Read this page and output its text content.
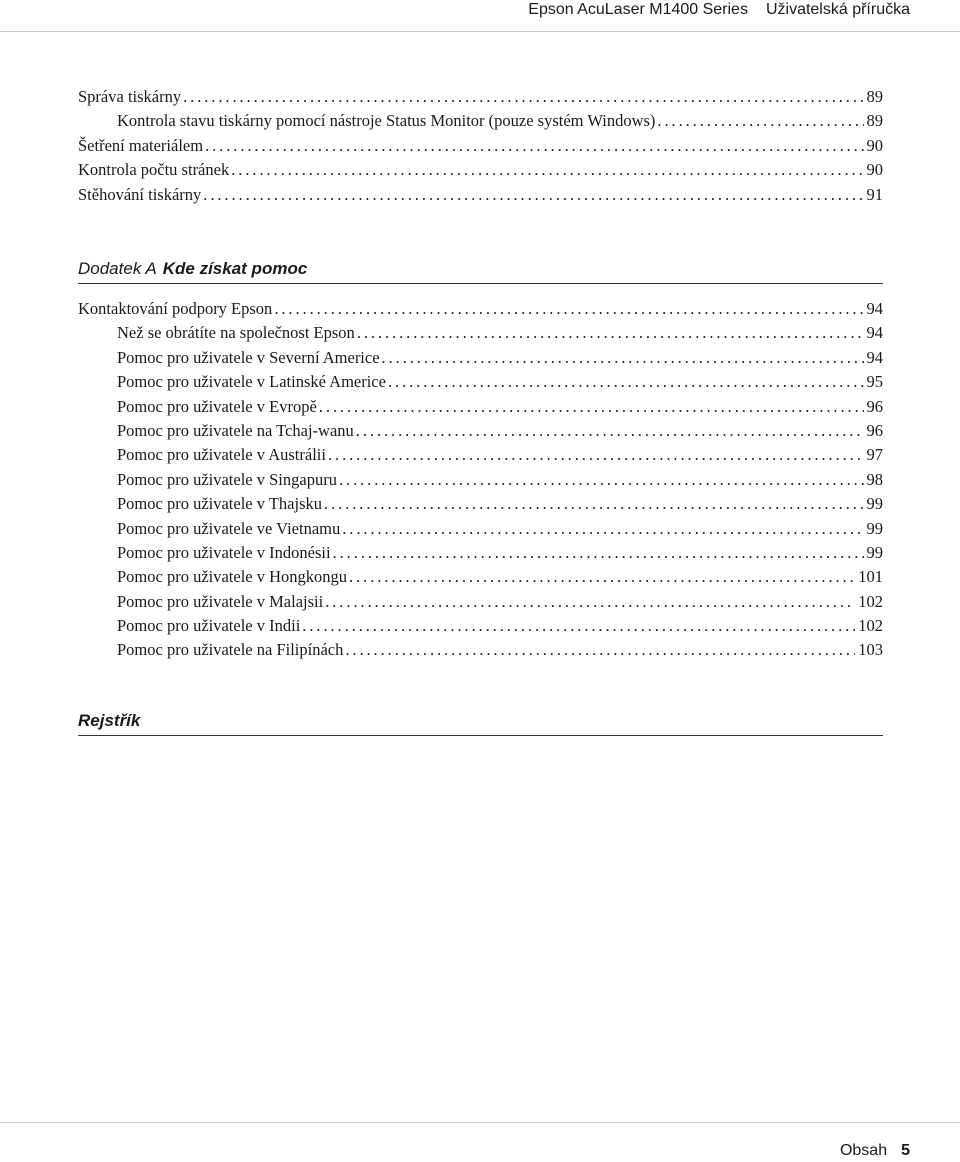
Epson AcuLaser M1400 Series Uživatelská příručka
Správa tiskárny . . .	89
Kontrola stavu tiskárny pomocí nástroje Status Monitor (pouze systém Windows) . . .	89
Šetření materiálem . . .	90
Kontrola počtu stránek . . .	90
Stěhování tiskárny . . .	91
Dodatek A Kde získat pomoc
Kontaktování podpory Epson . . .	94
Než se obrátíte na společnost Epson . . .	94
Pomoc pro uživatele v Severní Americe . . .	94
Pomoc pro uživatele v Latinské Americe . . .	95
Pomoc pro uživatele v Evropě . . .	96
Pomoc pro uživatele na Tchaj-wanu . . .	96
Pomoc pro uživatele v Austrálii . . .	97
Pomoc pro uživatele v Singapuru . . .	98
Pomoc pro uživatele v Thajsku . . .	99
Pomoc pro uživatele ve Vietnamu . . .	99
Pomoc pro uživatele v Indonésii . . .	99
Pomoc pro uživatele v Hongkongu . . .	101
Pomoc pro uživatele v Malajsii . . .	102
Pomoc pro uživatele v Indii . . .	102
Pomoc pro uživatele na Filipínách . . .	103
Rejstřík
Obsah 5
